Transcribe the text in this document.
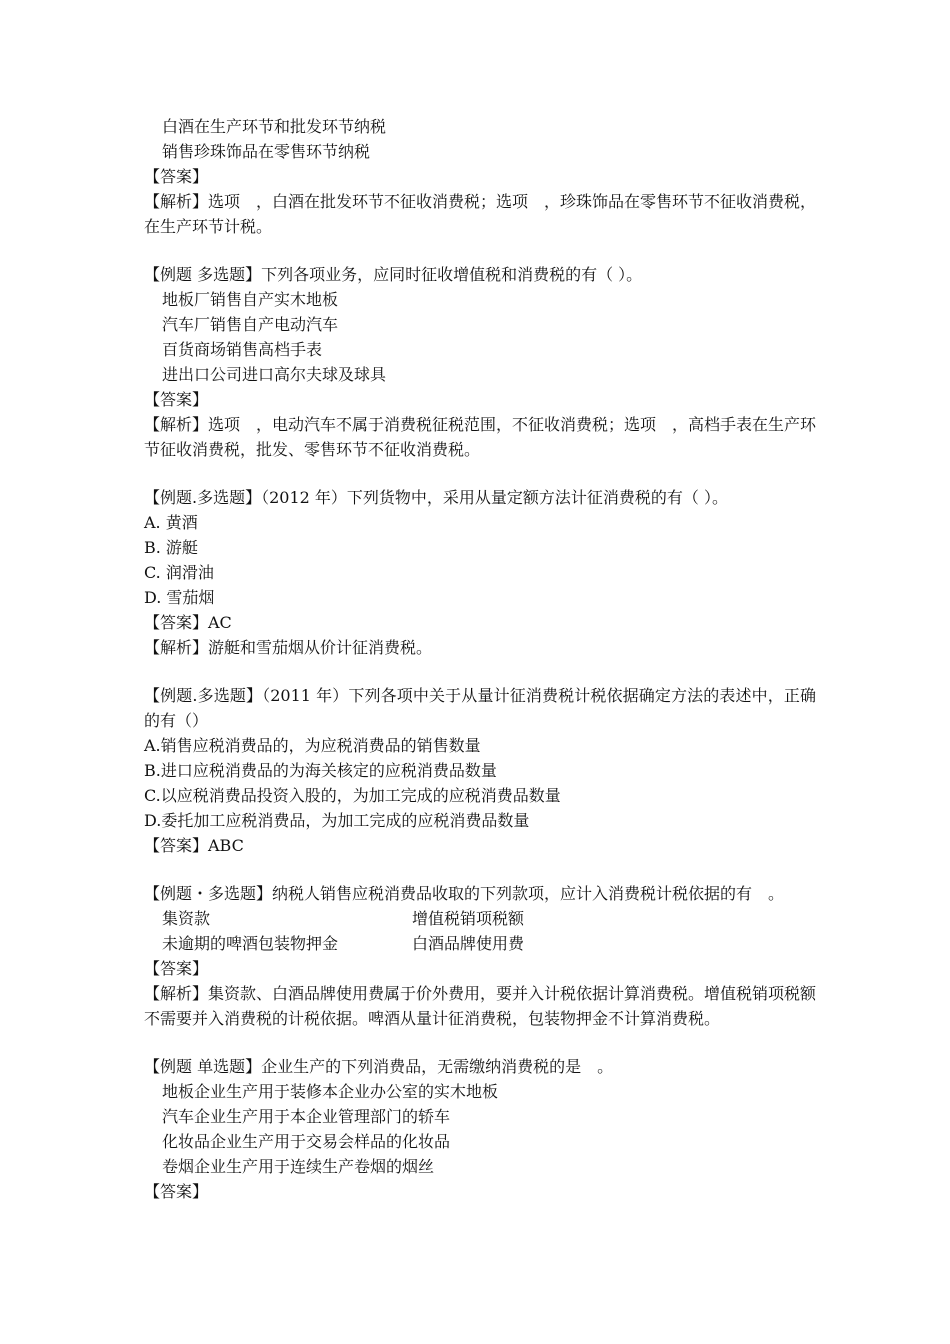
白酒在生产环节和批发环节纳税
销售珍珠饰品在零售环节纳税
【答案】
【解析】选项　，白酒在批发环节不征收消费税；选项　，珍珠饰品在零售环节不征收消费税，在生产环节计税。
【例题 多选题】下列各项业务，应同时征收增值税和消费税的有（ ）。
地板厂销售自产实木地板
汽车厂销售自产电动汽车
百货商场销售高档手表
进出口公司进口高尔夫球及球具
【答案】
【解析】选项　，电动汽车不属于消费税征税范围，不征收消费税；选项　，高档手表在生产环节征收消费税，批发、零售环节不征收消费税。
【例题.多选题】（2012 年）下列货物中，采用从量定额方法计征消费税的有（ ）。
A. 黄酒
B. 游艇
C. 润滑油
D. 雪茄烟
【答案】AC
【解析】游艇和雪茄烟从价计征消费税。
【例题.多选题】（2011 年）下列各项中关于从量计征消费税计税依据确定方法的表述中，正确的有（）
A.销售应税消费品的，为应税消费品的销售数量
B.进口应税消费品的为海关核定的应税消费品数量
C.以应税消费品投资入股的，为加工完成的应税消费品数量
D.委托加工应税消费品，为加工完成的应税消费品数量
【答案】ABC
【例题・多选题】纳税人销售应税消费品收取的下列款项，应计入消费税计税依据的有　。
集资款	增值税销项税额
未逾期的啤酒包装物押金	白酒品牌使用费
【答案】
【解析】集资款、白酒品牌使用费属于价外费用，要并入计税依据计算消费税。增值税销项税额不需要并入消费税的计税依据。啤酒从量计征消费税，包装物押金不计算消费税。
【例题 单选题】企业生产的下列消费品，无需缴纳消费税的是　。
地板企业生产用于装修本企业办公室的实木地板
汽车企业生产用于本企业管理部门的轿车
化妆品企业生产用于交易会样品的化妆品
卷烟企业生产用于连续生产卷烟的烟丝
【答案】
